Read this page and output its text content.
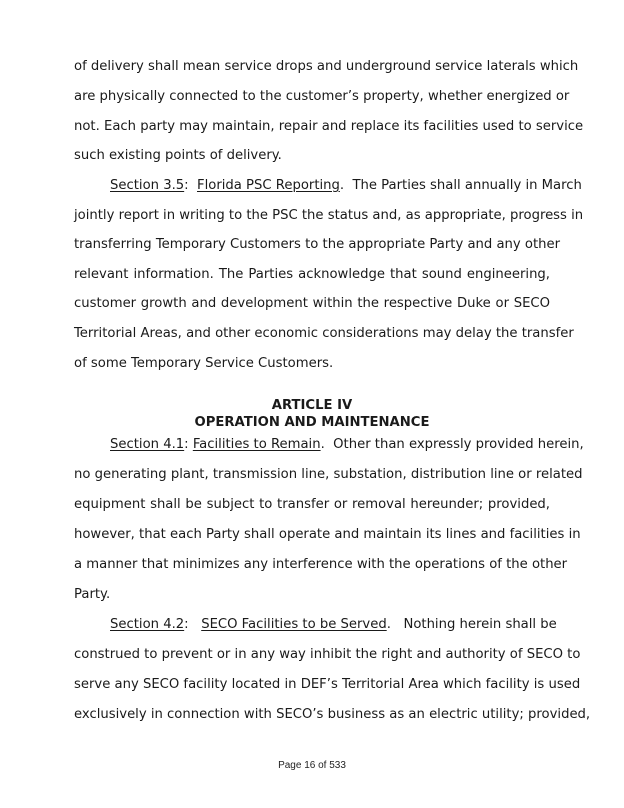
of delivery shall mean service drops and underground service laterals which
are physically connected to the customer’s property, whether energized or
not. Each party may maintain, repair and replace its facilities used to service
such existing points of delivery.
Section 3.5:  Florida PSC Reporting.  The Parties shall annually in March
jointly report in writing to the PSC the status and, as appropriate, progress in
transferring Temporary Customers to the appropriate Party and any other
relevant information. The Parties acknowledge that sound engineering,
customer growth and development within the respective Duke or SECO
Territorial Areas, and other economic considerations may delay the transfer
of some Temporary Service Customers.
ARTICLE IV
OPERATION AND MAINTENANCE
Section 4.1: Facilities to Remain.  Other than expressly provided herein,
no generating plant, transmission line, substation, distribution line or related
equipment shall be subject to transfer or removal hereunder; provided,
however, that each Party shall operate and maintain its lines and facilities in
a manner that minimizes any interference with the operations of the other
Party.
Section 4.2:   SECO Facilities to be Served.   Nothing herein shall be
construed to prevent or in any way inhibit the right and authority of SECO to
serve any SECO facility located in DEF’s Territorial Area which facility is used
exclusively in connection with SECO’s business as an electric utility; provided,
Page 16 of 533
